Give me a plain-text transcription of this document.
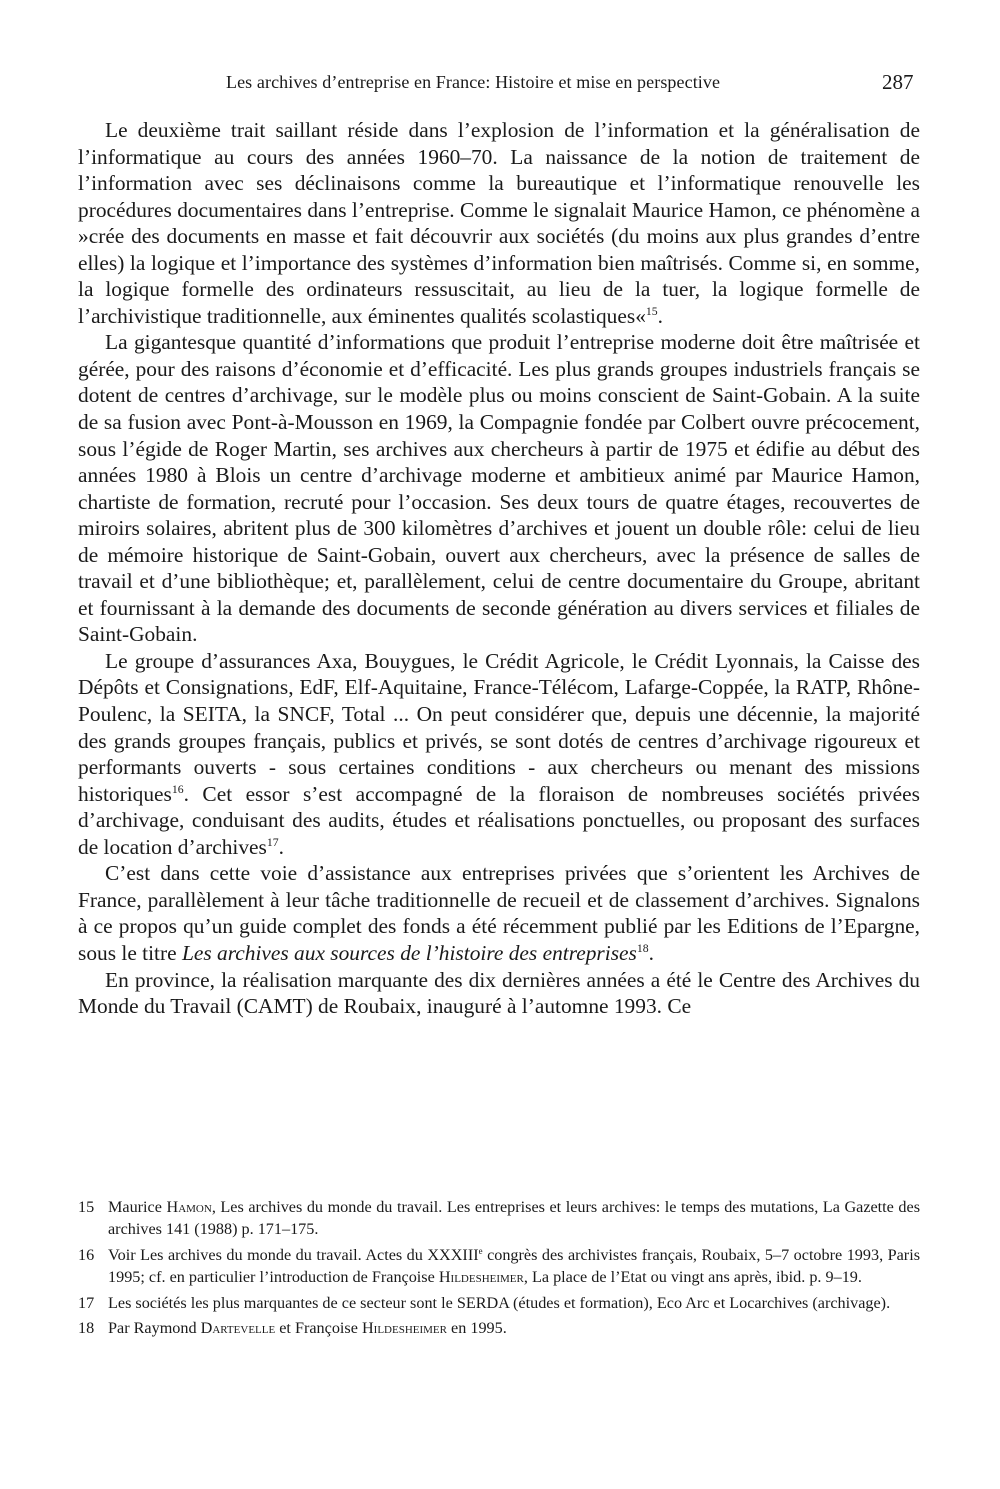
Les archives d’entreprise en France: Histoire et mise en perspective	287

Le deuxième trait saillant réside dans l’explosion de l’information et la généralisation de l’informatique au cours des années 1960–70. La naissance de la notion de traitement de l’information avec ses déclinaisons comme la bureautique et l’informatique renouvelle les procédures documentaires dans l’entreprise. Comme le signalait Maurice Hamon, ce phénomène a »crée des documents en masse et fait découvrir aux sociétés (du moins aux plus grandes d’entre elles) la logique et l’importance des systèmes d’information bien maîtrisés. Comme si, en somme, la logique formelle des ordinateurs ressuscitait, au lieu de la tuer, la logique formelle de l’archivistique traditionnelle, aux éminentes qualités scolastiques«$^{15}$.

La gigantesque quantité d’informations que produit l’entreprise moderne doit être maîtrisée et gérée, pour des raisons d’économie et d’efficacité. Les plus grands groupes industriels français se dotent de centres d’archivage, sur le modèle plus ou moins conscient de Saint-Gobain. A la suite de sa fusion avec Pont-à-Mousson en 1969, la Compagnie fondée par Colbert ouvre précocement, sous l’égide de Roger Martin, ses archives aux chercheurs à partir de 1975 et édifie au début des années 1980 à Blois un centre d’archivage moderne et ambitieux animé par Maurice Hamon, chartiste de formation, recruté pour l’occasion. Ses deux tours de quatre étages, recouvertes de miroirs solaires, abritent plus de 300 kilomètres d’archives et jouent un double rôle: celui de lieu de mémoire historique de Saint-Gobain, ouvert aux chercheurs, avec la présence de salles de travail et d’une bibliothèque; et, parallèlement, celui de centre documentaire du Groupe, abritant et fournissant à la demande des documents de seconde génération au divers services et filiales de Saint-Gobain.

Le groupe d’assurances Axa, Bouygues, le Crédit Agricole, le Crédit Lyonnais, la Caisse des Dépôts et Consignations, EdF, Elf-Aquitaine, France-Télécom, Lafarge-Coppée, la RATP, Rhône-Poulenc, la SEITA, la SNCF, Total ... On peut considérer que, depuis une décennie, la majorité des grands groupes français, publics et privés, se sont dotés de centres d’archivage rigoureux et performants ouverts - sous certaines conditions - aux chercheurs ou menant des missions historiques$^{16}$. Cet essor s’est accompagné de la floraison de nombreuses sociétés privées d’archivage, conduisant des audits, études et réalisations ponctuelles, ou proposant des surfaces de location d’archives$^{17}$.

C’est dans cette voie d’assistance aux entreprises privées que s’orientent les Archives de France, parallèlement à leur tâche traditionnelle de recueil et de classement d’archives. Signalons à ce propos qu’un guide complet des fonds a été récemment publié par les Editions de l’Epargne, sous le titre Les archives aux sources de l’histoire des entreprises$^{18}$.

En province, la réalisation marquante des dix dernières années a été le Centre des Archives du Monde du Travail (CAMT) de Roubaix, inauguré à l’automne 1993. Ce

15 Maurice Hamon, Les archives du monde du travail. Les entreprises et leurs archives: le temps des mutations, La Gazette des archives 141 (1988) p. 171–175.
16 Voir Les archives du monde du travail. Actes du XXXIIIe congrès des archivistes français, Roubaix, 5–7 octobre 1993, Paris 1995; cf. en particulier l’introduction de Françoise Hildesheimer, La place de l’Etat ou vingt ans après, ibid. p. 9–19.
17 Les sociétés les plus marquantes de ce secteur sont le SERDA (études et formation), Eco Arc et Locarchives (archivage).
18 Par Raymond Dartevelle et Françoise Hildesheimer en 1995.
